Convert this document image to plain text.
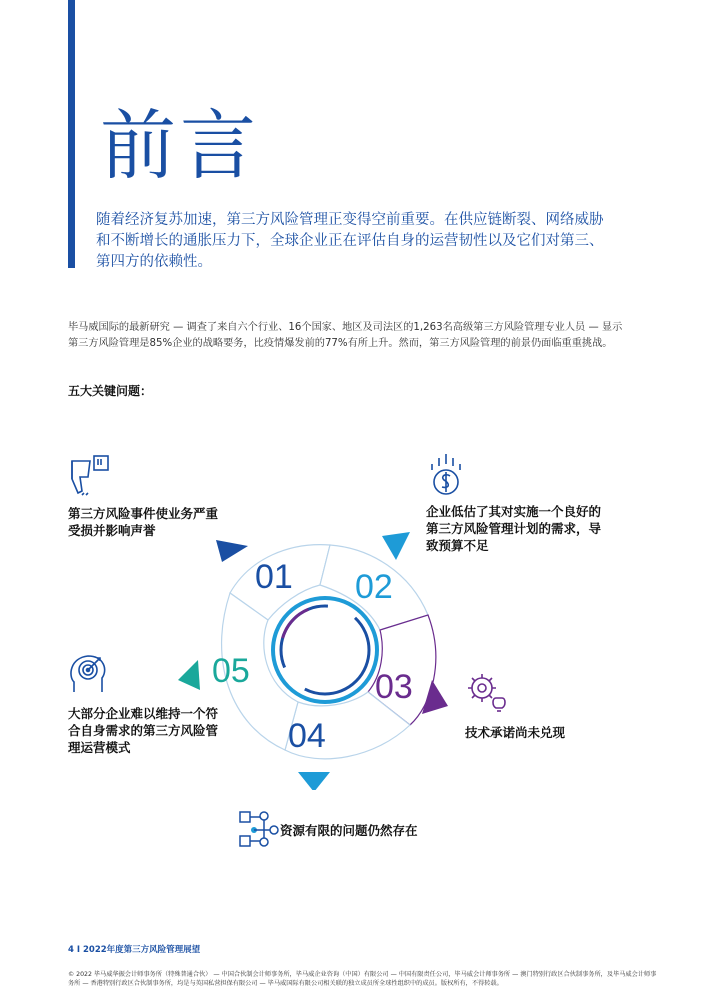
前言
随着经济复苏加速，第三方风险管理正变得空前重要。在供应链断裂、网络威胁和不断增长的通胀压力下，全球企业正在评估自身的运营韧性以及它们对第三、第四方的依赖性。
毕马威国际的最新研究 — 调查了来自六个行业、16个国家、地区及司法区的1,263名高级第三方风险管理专业人员 — 显示第三方风险管理是85%企业的战略要务，比疫情爆发前的77%有所上升。然而，第三方风险管理的前景仍面临重重挑战。
五大关键问题：
第三方风险事件使业务严重受损并影响声誉
企业低估了其对实施一个良好的第三方风险管理计划的需求，导致预算不足
技术承诺尚未兑现
资源有限的问题仍然存在
大部分企业难以维持一个符合自身需求的第三方风险管理运营模式
01 02
03
04
05
4 I 2022年度第三方风险管理展望
© 2022 毕马威华振会计师事务所（特殊普通合伙） — 中国合伙制会计师事务所，毕马威企业咨询（中国）有限公司 — 中国有限责任公司，毕马威会计师事务所 — 澳门特别行政区合伙制事务所，及毕马威会计师事务所 — 香港特别行政区合伙制事务所，均是与英国私营担保有限公司 — 毕马威国际有限公司相关联的独立成员所全球性组织中的成员。版权所有，不得转载。
